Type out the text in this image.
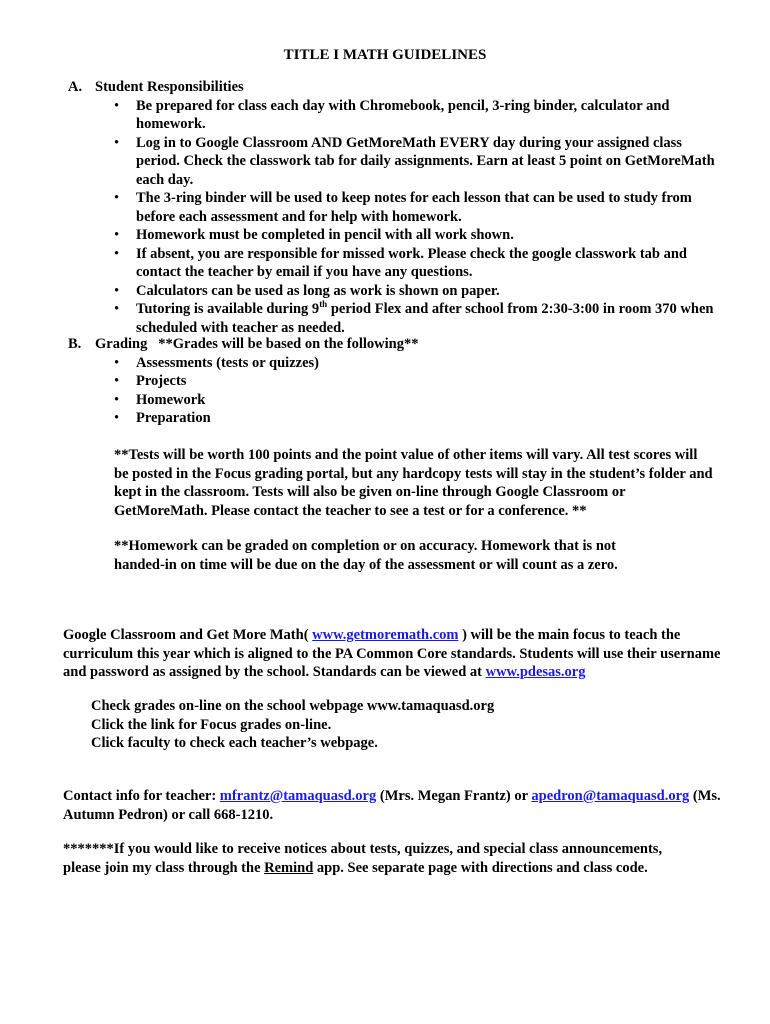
TITLE I MATH GUIDELINES
A. Student Responsibilities
• Be prepared for class each day with Chromebook, pencil, 3-ring binder, calculator and homework.
• Log in to Google Classroom AND GetMoreMath EVERY day during your assigned class period. Check the classwork tab for daily assignments. Earn at least 5 point on GetMoreMath each day.
• The 3-ring binder will be used to keep notes for each lesson that can be used to study from before each assessment and for help with homework.
• Homework must be completed in pencil with all work shown.
• If absent, you are responsible for missed work. Please check the google classwork tab and contact the teacher by email if you have any questions.
• Calculators can be used as long as work is shown on paper.
• Tutoring is available during 9th period Flex and after school from 2:30-3:00 in room 370 when scheduled with teacher as needed.
B. Grading   **Grades will be based on the following**
• Assessments (tests or quizzes)
• Projects
• Homework
• Preparation
**Tests will be worth 100 points and the point value of other items will vary. All test scores will be posted in the Focus grading portal, but any hardcopy tests will stay in the student’s folder and kept in the classroom. Tests will also be given on-line through Google Classroom or GetMoreMath. Please contact the teacher to see a test or for a conference. **
**Homework can be graded on completion or on accuracy. Homework that is not handed-in on time will be due on the day of the assessment or will count as a zero.
Google Classroom and Get More Math( www.getmoremath.com ) will be the main focus to teach the curriculum this year which is aligned to the PA Common Core standards. Students will use their username and password as assigned by the school. Standards can be viewed at www.pdesas.org
Check grades on-line on the school webpage www.tamaquasd.org
Click the link for Focus grades on-line.
Click faculty to check each teacher’s webpage.
Contact info for teacher: mfrantz@tamaquasd.org (Mrs. Megan Frantz) or apedron@tamaquasd.org (Ms. Autumn Pedron) or call 668-1210.
*******If you would like to receive notices about tests, quizzes, and special class announcements, please join my class through the Remind app. See separate page with directions and class code.
